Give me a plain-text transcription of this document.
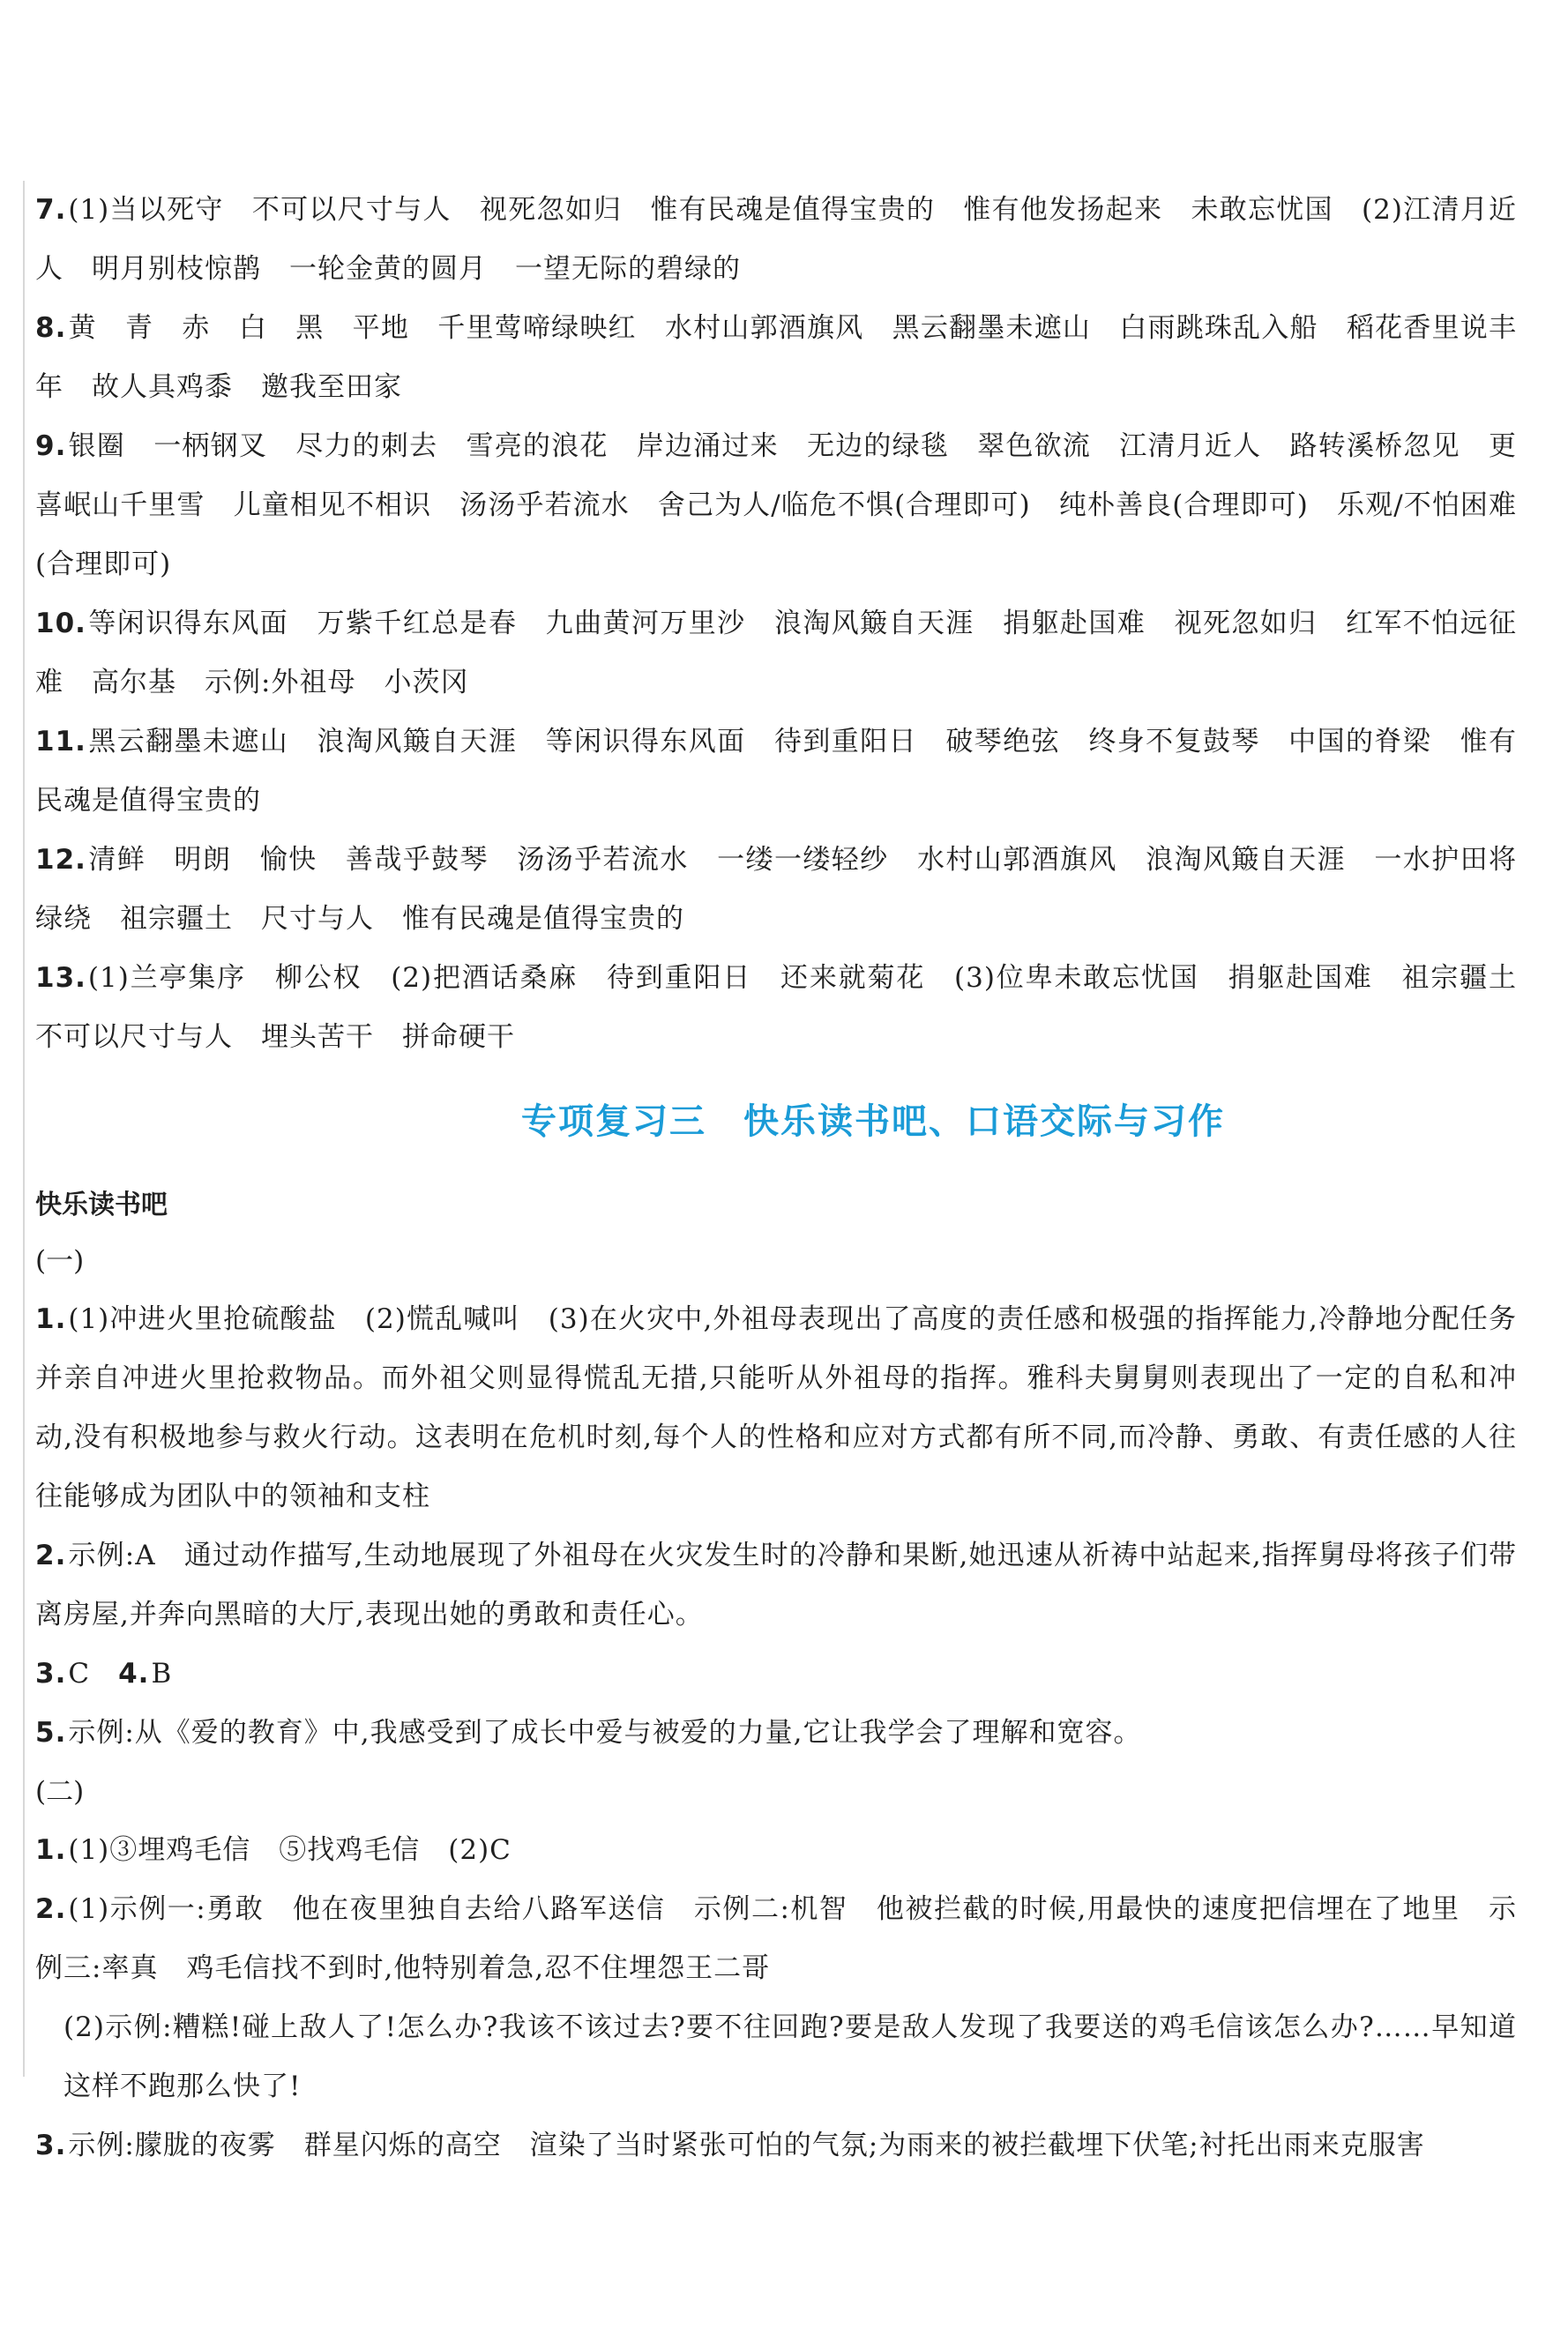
7.(1)当以死守　不可以尺寸与人　视死忽如归　惟有民魂是值得宝贵的　惟有他发扬起来　未敢忘忧国　(2)江清月近人　明月别枝惊鹊　一轮金黄的圆月　一望无际的碧绿的
8.黄　青　赤　白　黑　平地　千里莺啼绿映红　水村山郭酒旗风　黑云翻墨未遮山　白雨跳珠乱入船　稻花香里说丰年　故人具鸡黍　邀我至田家
9.银圈　一柄钢叉　尽力的刺去　雪亮的浪花　岸边涌过来　无边的绿毯　翠色欲流　江清月近人　路转溪桥忽见　更喜岷山千里雪　儿童相见不相识　汤汤乎若流水　舍己为人/临危不惧(合理即可)　纯朴善良(合理即可)　乐观/不怕困难(合理即可)
10.等闲识得东风面　万紫千红总是春　九曲黄河万里沙　浪淘风簸自天涯　捐躯赴国难　视死忽如归　红军不怕远征难　高尔基　示例:外祖母　小茨冈
11.黑云翻墨未遮山　浪淘风簸自天涯　等闲识得东风面　待到重阳日　破琴绝弦　终身不复鼓琴　中国的脊梁　惟有民魂是值得宝贵的
12.清鲜　明朗　愉快　善哉乎鼓琴　汤汤乎若流水　一缕一缕轻纱　水村山郭酒旗风　浪淘风簸自天涯　一水护田将绿绕　祖宗疆土　尺寸与人　惟有民魂是值得宝贵的
13.(1)兰亭集序　柳公权　(2)把酒话桑麻　待到重阳日　还来就菊花　(3)位卑未敢忘忧国　捐躯赴国难　祖宗疆土　不可以尺寸与人　埋头苦干　拼命硬干
专项复习三　快乐读书吧、口语交际与习作
快乐读书吧
(一)
1.(1)冲进火里抢硫酸盐　(2)慌乱喊叫　(3)在火灾中,外祖母表现出了高度的责任感和极强的指挥能力,冷静地分配任务并亲自冲进火里抢救物品。而外祖父则显得慌乱无措,只能听从外祖母的指挥。雅科夫舅舅则表现出了一定的自私和冲动,没有积极地参与救火行动。这表明在危机时刻,每个人的性格和应对方式都有所不同,而冷静、勇敢、有责任感的人往往能够成为团队中的领袖和支柱
2.示例:A　通过动作描写,生动地展现了外祖母在火灾发生时的冷静和果断,她迅速从祈祷中站起来,指挥舅母将孩子们带离房屋,并奔向黑暗的大厅,表现出她的勇敢和责任心。
3.C　4.B
5.示例:从《爱的教育》中,我感受到了成长中爱与被爱的力量,它让我学会了理解和宽容。
(二)
1.(1)③埋鸡毛信　⑤找鸡毛信　(2)C
2.(1)示例一:勇敢　他在夜里独自去给八路军送信　示例二:机智　他被拦截的时候,用最快的速度把信埋在了地里　示例三:率真　鸡毛信找不到时,他特别着急,忍不住埋怨王二哥
(2)示例:糟糕!碰上敌人了!怎么办?我该不该过去?要不往回跑?要是敌人发现了我要送的鸡毛信该怎么办?……早知道这样不跑那么快了!
3.示例:朦胧的夜雾　群星闪烁的高空　渲染了当时紧张可怕的气氛;为雨来的被拦截埋下伏笔;衬托出雨来克服害
